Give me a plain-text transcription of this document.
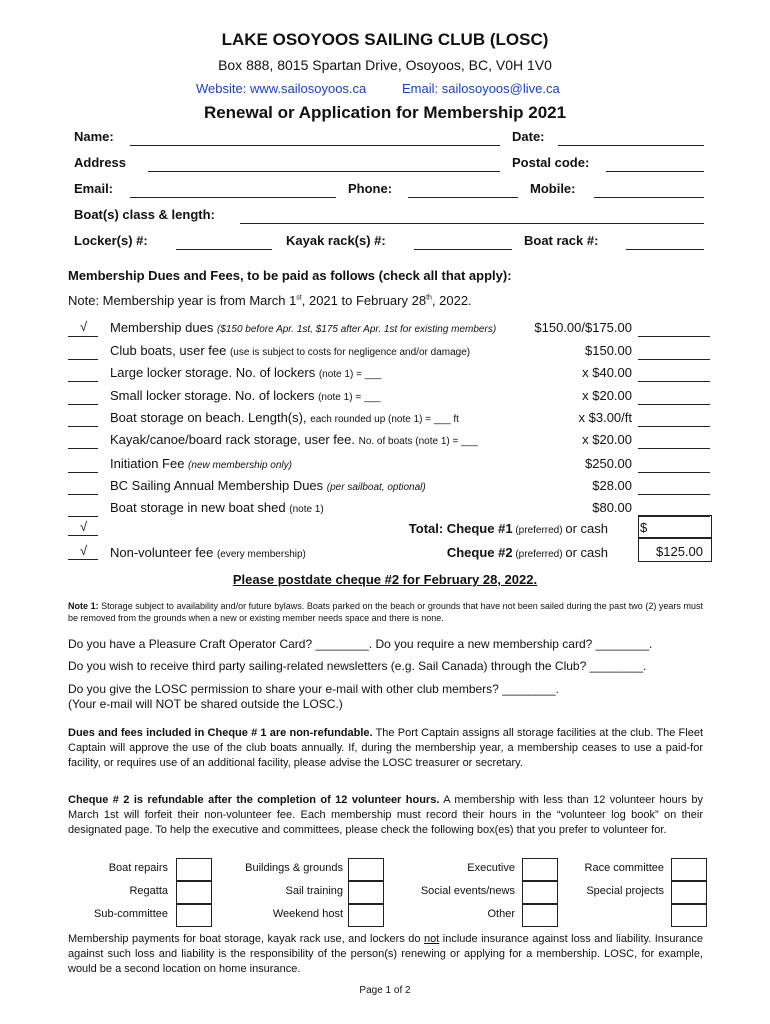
LAKE OSOYOOS SAILING CLUB (LOSC)
Box 888, 8015 Spartan Drive, Osoyoos, BC, V0H 1V0
Website: www.sailosoyoos.ca	Email: sailosoyoos@live.ca
Renewal or Application for Membership 2021
Name:	Date:
Address	Postal code:
Email:	Phone:	Mobile:
Boat(s) class & length:
Locker(s) #:	Kayak rack(s) #:	Boat rack #:
Membership Dues and Fees, to be paid as follows (check all that apply):
Note: Membership year is from March 1st, 2021 to February 28th, 2022.
√ Membership dues ($150 before Apr. 1st, $175 after Apr. 1st for existing members)	$150.00/$175.00
Club boats, user fee (use is subject to costs for negligence and/or damage)	$150.00
Large locker storage. No. of lockers (note 1) = ___	x $40.00
Small locker storage. No. of lockers (note 1) = ___	x $20.00
Boat storage on beach. Length(s), each rounded up (note 1) = ___ ft	x $3.00/ft
Kayak/canoe/board rack storage, user fee. No. of boats (note 1) = ___	x $20.00
Initiation Fee (new membership only)	$250.00
BC Sailing Annual Membership Dues (per sailboat, optional)	$28.00
Boat storage in new boat shed (note 1)	$80.00
√	Total: Cheque #1 (preferred) or cash $
√ Non-volunteer fee (every membership)	Cheque #2 (preferred) or cash	$125.00
Please postdate cheque #2 for February 28, 2022.
Note 1: Storage subject to availability and/or future bylaws. Boats parked on the beach or grounds that have not been sailed during the past two (2) years must be removed from the grounds when a new or existing member needs space and there is none.
Do you have a Pleasure Craft Operator Card? ________. Do you require a new membership card? ________.
Do you wish to receive third party sailing-related newsletters (e.g. Sail Canada) through the Club? ________.
Do you give the LOSC permission to share your e-mail with other club members? ________.
(Your e-mail will NOT be shared outside the LOSC.)
Dues and fees included in Cheque # 1 are non-refundable. The Port Captain assigns all storage facilities at the club. The Fleet Captain will approve the use of the club boats annually. If, during the membership year, a membership ceases to use a paid-for facility, or requires use of an additional facility, please advise the LOSC treasurer or secretary.
Cheque # 2 is refundable after the completion of 12 volunteer hours. A membership with less than 12 volunteer hours by March 1st will forfeit their non-volunteer fee. Each membership must record their hours in the “volunteer log book” on their designated page. To help the executive and committees, please check the following box(es) that you prefer to volunteer for.
Boat repairs	Buildings & grounds	Executive	Race committee
Regatta	Sail training	Social events/news	Special projects
Sub-committee	Weekend host	Other
Membership payments for boat storage, kayak rack use, and lockers do not include insurance against loss and liability. Insurance against such loss and liability is the responsibility of the person(s) renewing or applying for a membership. LOSC, for example, would be a second location on home insurance.
Page 1 of 2
